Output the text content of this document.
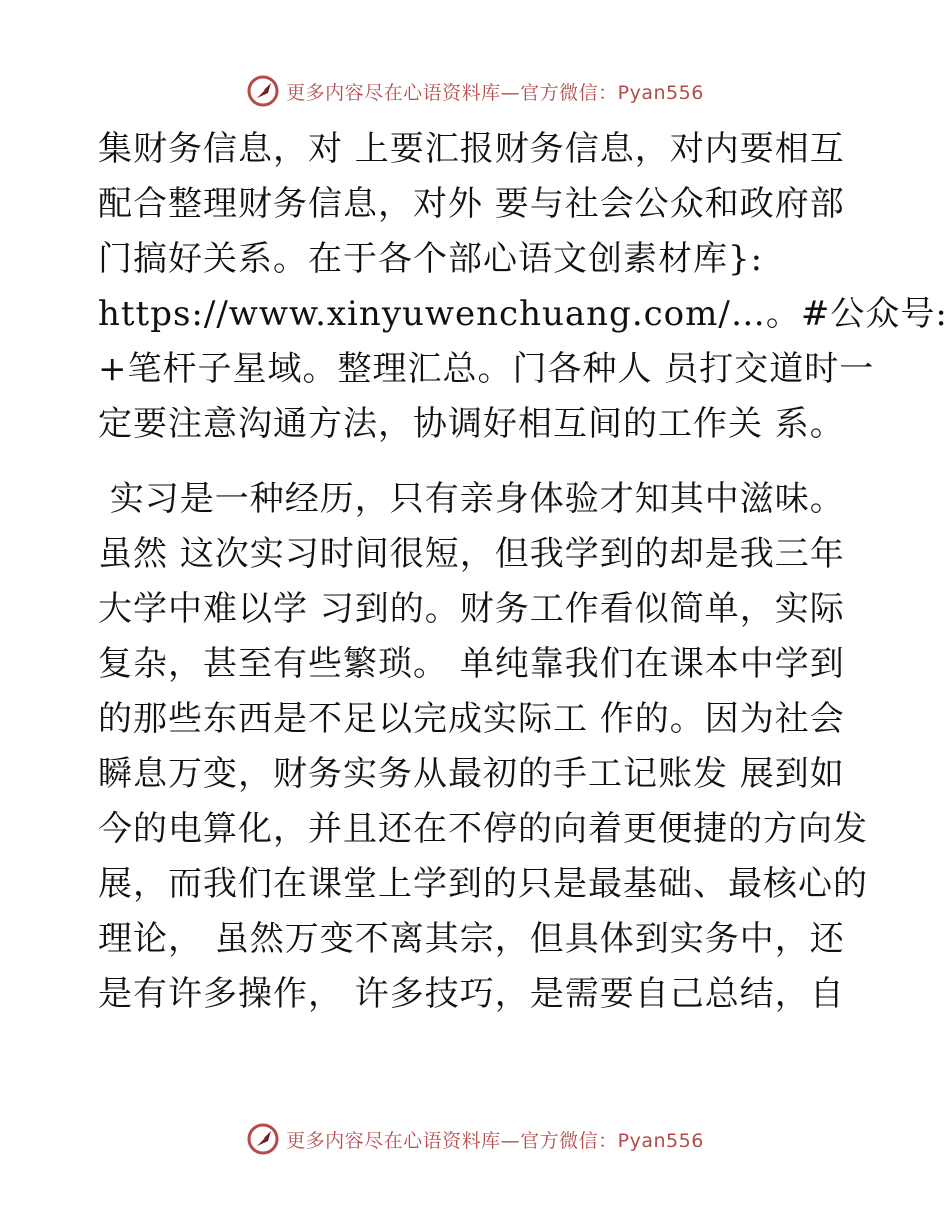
更多内容尽在心语资料库—官方微信：Pyan556
集财务信息，对 上要汇报财务信息，对内要相互
配合整理财务信息，对外 要与社会公众和政府部
门搞好关系。在于各个部心语文创素材库}:
https://www.xinyuwenchuang.com/…。#公众号:
+笔杆子星域。整理汇总。门各种人 员打交道时一
定要注意沟通方法，协调好相互间的工作关 系。
实习是一种经历，只有亲身体验才知其中滋味。
虽然 这次实习时间很短，但我学到的却是我三年
大学中难以学 习到的。财务工作看似简单，实际
复杂，甚至有些繁琐。 单纯靠我们在课本中学到
的那些东西是不足以完成实际工 作的。因为社会
瞬息万变，财务实务从最初的手工记账发 展到如
今的电算化，并且还在不停的向着更便捷的方向发
展，而我们在课堂上学到的只是最基础、最核心的
理论， 虽然万变不离其宗，但具体到实务中，还
是有许多操作， 许多技巧，是需要自己总结，自
更多内容尽在心语资料库—官方微信：Pyan556
